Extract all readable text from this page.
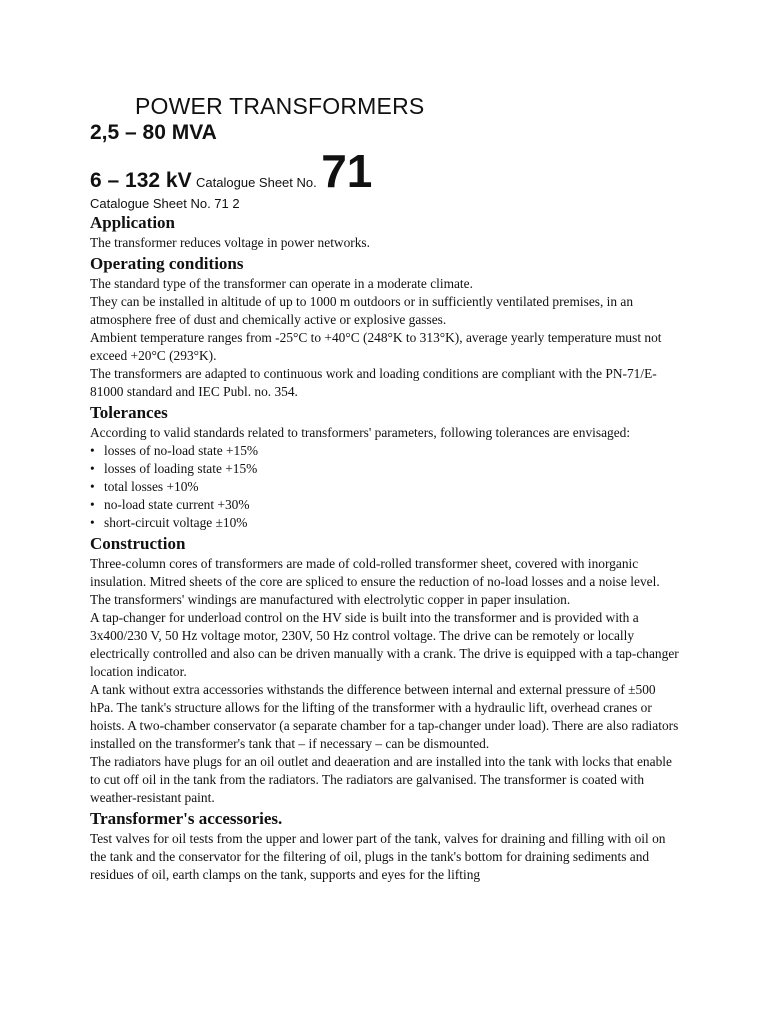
POWER TRANSFORMERS
2,5 – 80 MVA
6 – 132 kV Catalogue Sheet No. 71
Catalogue Sheet No. 71 2
Application

The transformer reduces voltage in power networks.

Operating conditions

The standard type of the transformer can operate in a moderate climate.

They can be installed in altitude of up to 1000 m outdoors or in sufficiently ventilated premises, in an atmosphere free of dust and chemically active or explosive gasses.

Ambient temperature ranges from -25°C to +40°C (248°K to 313°K), average yearly temperature must not exceed +20°C (293°K).

The transformers are adapted to continuous work and loading conditions are compliant with the PN-71/E-81000 standard and IEC Publ. no. 354.

Tolerances

According to valid standards related to transformers' parameters, following tolerances are envisaged:

• losses of no-load state +15%
• losses of loading state +15%
• total losses +10%
• no-load state current +30%
• short-circuit voltage ±10%
Construction

Three-column cores of transformers are made of cold-rolled transformer sheet, covered with inorganic insulation. Mitred sheets of the core are spliced to ensure the reduction of no-load losses and a noise level.

The transformers' windings are manufactured with electrolytic copper in paper insulation.

A tap-changer for underload control on the HV side is built into the transformer and is provided with a 3x400/230 V, 50 Hz voltage motor, 230V, 50 Hz control voltage. The drive can be remotely or locally electrically controlled and also can be driven manually with a crank. The drive is equipped with a tap-changer location indicator.

A tank without extra accessories withstands the difference between internal and external pressure of ±500 hPa. The tank's structure allows for the lifting of the transformer with a hydraulic lift, overhead cranes or hoists. A two-chamber conservator (a separate chamber for a tap-changer under load). There are also radiators installed on the transformer's tank that – if necessary – can be dismounted.

The radiators have plugs for an oil outlet and deaeration and are installed into the tank with locks that enable to cut off oil in the tank from the radiators. The radiators are galvanised. The transformer is coated with weather-resistant paint.

Transformer's accessories.

Test valves for oil tests from the upper and lower part of the tank, valves for draining and filling with oil on the tank and the conservator for the filtering of oil, plugs in the tank's bottom for draining sediments and residues of oil, earth clamps on the tank, supports and eyes for the lifting
